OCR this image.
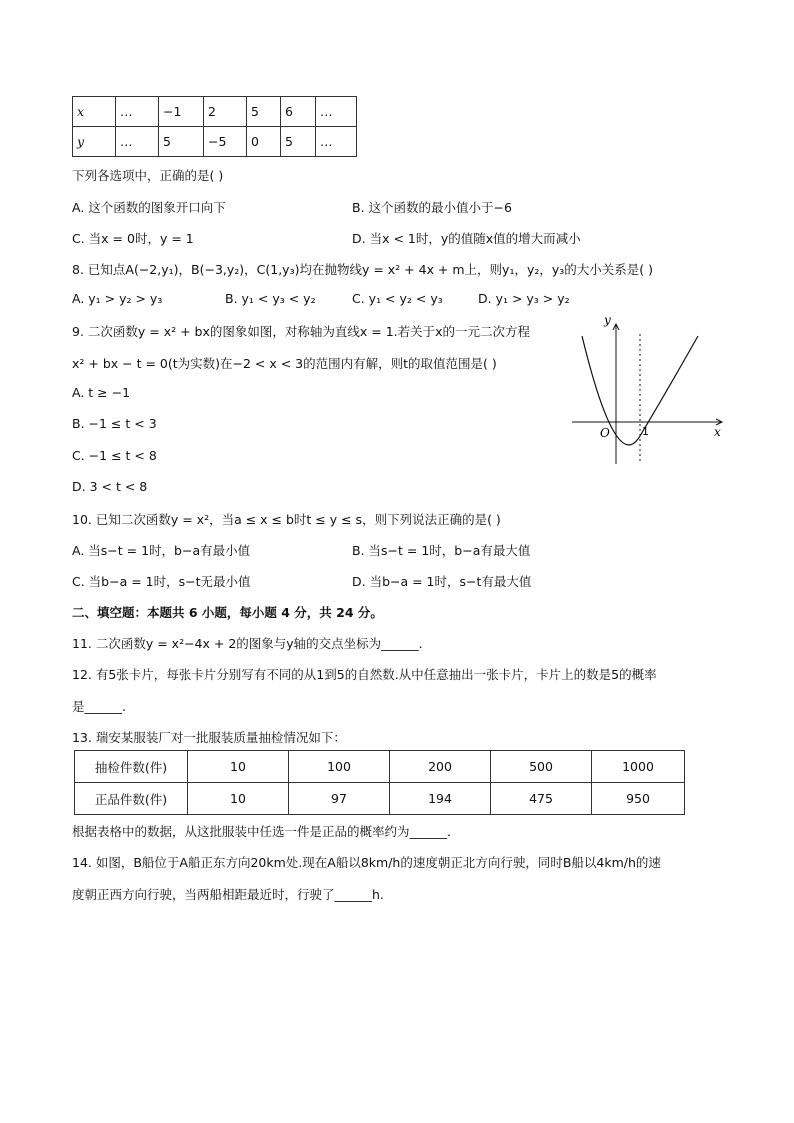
x	…	−1	2	5	6	…
y	…	5	−5	0	5	…
下列各选项中，正确的是( )
A. 这个函数的图象开口向下	B. 这个函数的最小值小于−6
C. 当x = 0时，y = 1	D. 当x < 1时，y的值随x值的增大而减小
8. 已知点A(−2,y₁)，B(−3,y₂)，C(1,y₃)均在抛物线y = x² + 4x + m上，则y₁，y₂，y₃的大小关系是( )
A. y₁ > y₂ > y₃	B. y₁ < y₃ < y₂	C. y₁ < y₂ < y₃	D. y₁ > y₃ > y₂
9. 二次函数y = x² + bx的图象如图，对称轴为直线x = 1.若关于x的一元二次方程
x² + bx − t = 0(t为实数)在−2 < x < 3的范围内有解，则t的取值范围是( )
A. t ≥ −1
B. −1 ≤ t < 3
C. −1 ≤ t < 8
D. 3 < t < 8
y
x
O	1
10. 已知二次函数y = x²，当a ≤ x ≤ b时t ≤ y ≤ s，则下列说法正确的是( )
A. 当s−t = 1时，b−a有最小值	B. 当s−t = 1时，b−a有最大值
C. 当b−a = 1时，s−t无最小值	D. 当b−a = 1时，s−t有最大值
二、填空题：本题共 6 小题，每小题 4 分，共 24 分。
11. 二次函数y = x²−4x + 2的图象与y轴的交点坐标为______.
12. 有5张卡片，每张卡片分别写有不同的从1到5的自然数.从中任意抽出一张卡片，卡片上的数是5的概率
是______.
13. 瑞安某服装厂对一批服装质量抽检情况如下：
抽检件数(件)	10	100	200	500	1000
正品件数(件)	10	97	194	475	950
根据表格中的数据，从这批服装中任选一件是正品的概率约为______.
14. 如图，B船位于A船正东方向20km处.现在A船以8km/h的速度朝正北方向行驶，同时B船以4km/h的速
度朝正西方向行驶，当两船相距最近时，行驶了______h.
